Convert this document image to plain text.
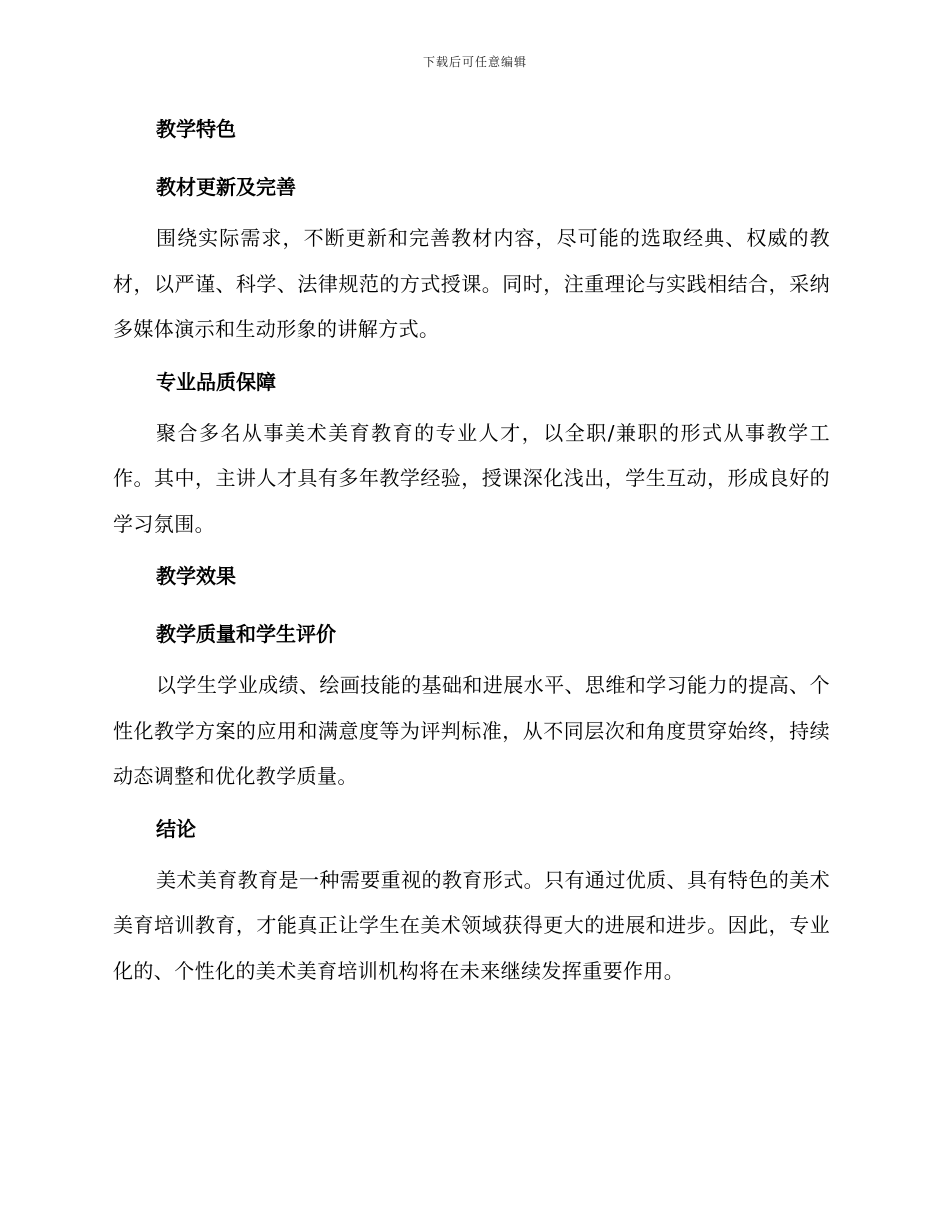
下载后可任意编辑

教学特色

教材更新及完善

围绕实际需求，不断更新和完善教材内容，尽可能的选取经典、权威的教材，以严谨、科学、法律规范的方式授课。同时，注重理论与实践相结合，采纳多媒体演示和生动形象的讲解方式。

专业品质保障

聚合多名从事美术美育教育的专业人才，以全职/兼职的形式从事教学工作。其中，主讲人才具有多年教学经验，授课深化浅出，学生互动，形成良好的学习氛围。

教学效果

教学质量和学生评价

以学生学业成绩、绘画技能的基础和进展水平、思维和学习能力的提高、个性化教学方案的应用和满意度等为评判标准，从不同层次和角度贯穿始终，持续动态调整和优化教学质量。

结论

美术美育教育是一种需要重视的教育形式。只有通过优质、具有特色的美术美育培训教育，才能真正让学生在美术领域获得更大的进展和进步。因此，专业化的、个性化的美术美育培训机构将在未来继续发挥重要作用。
